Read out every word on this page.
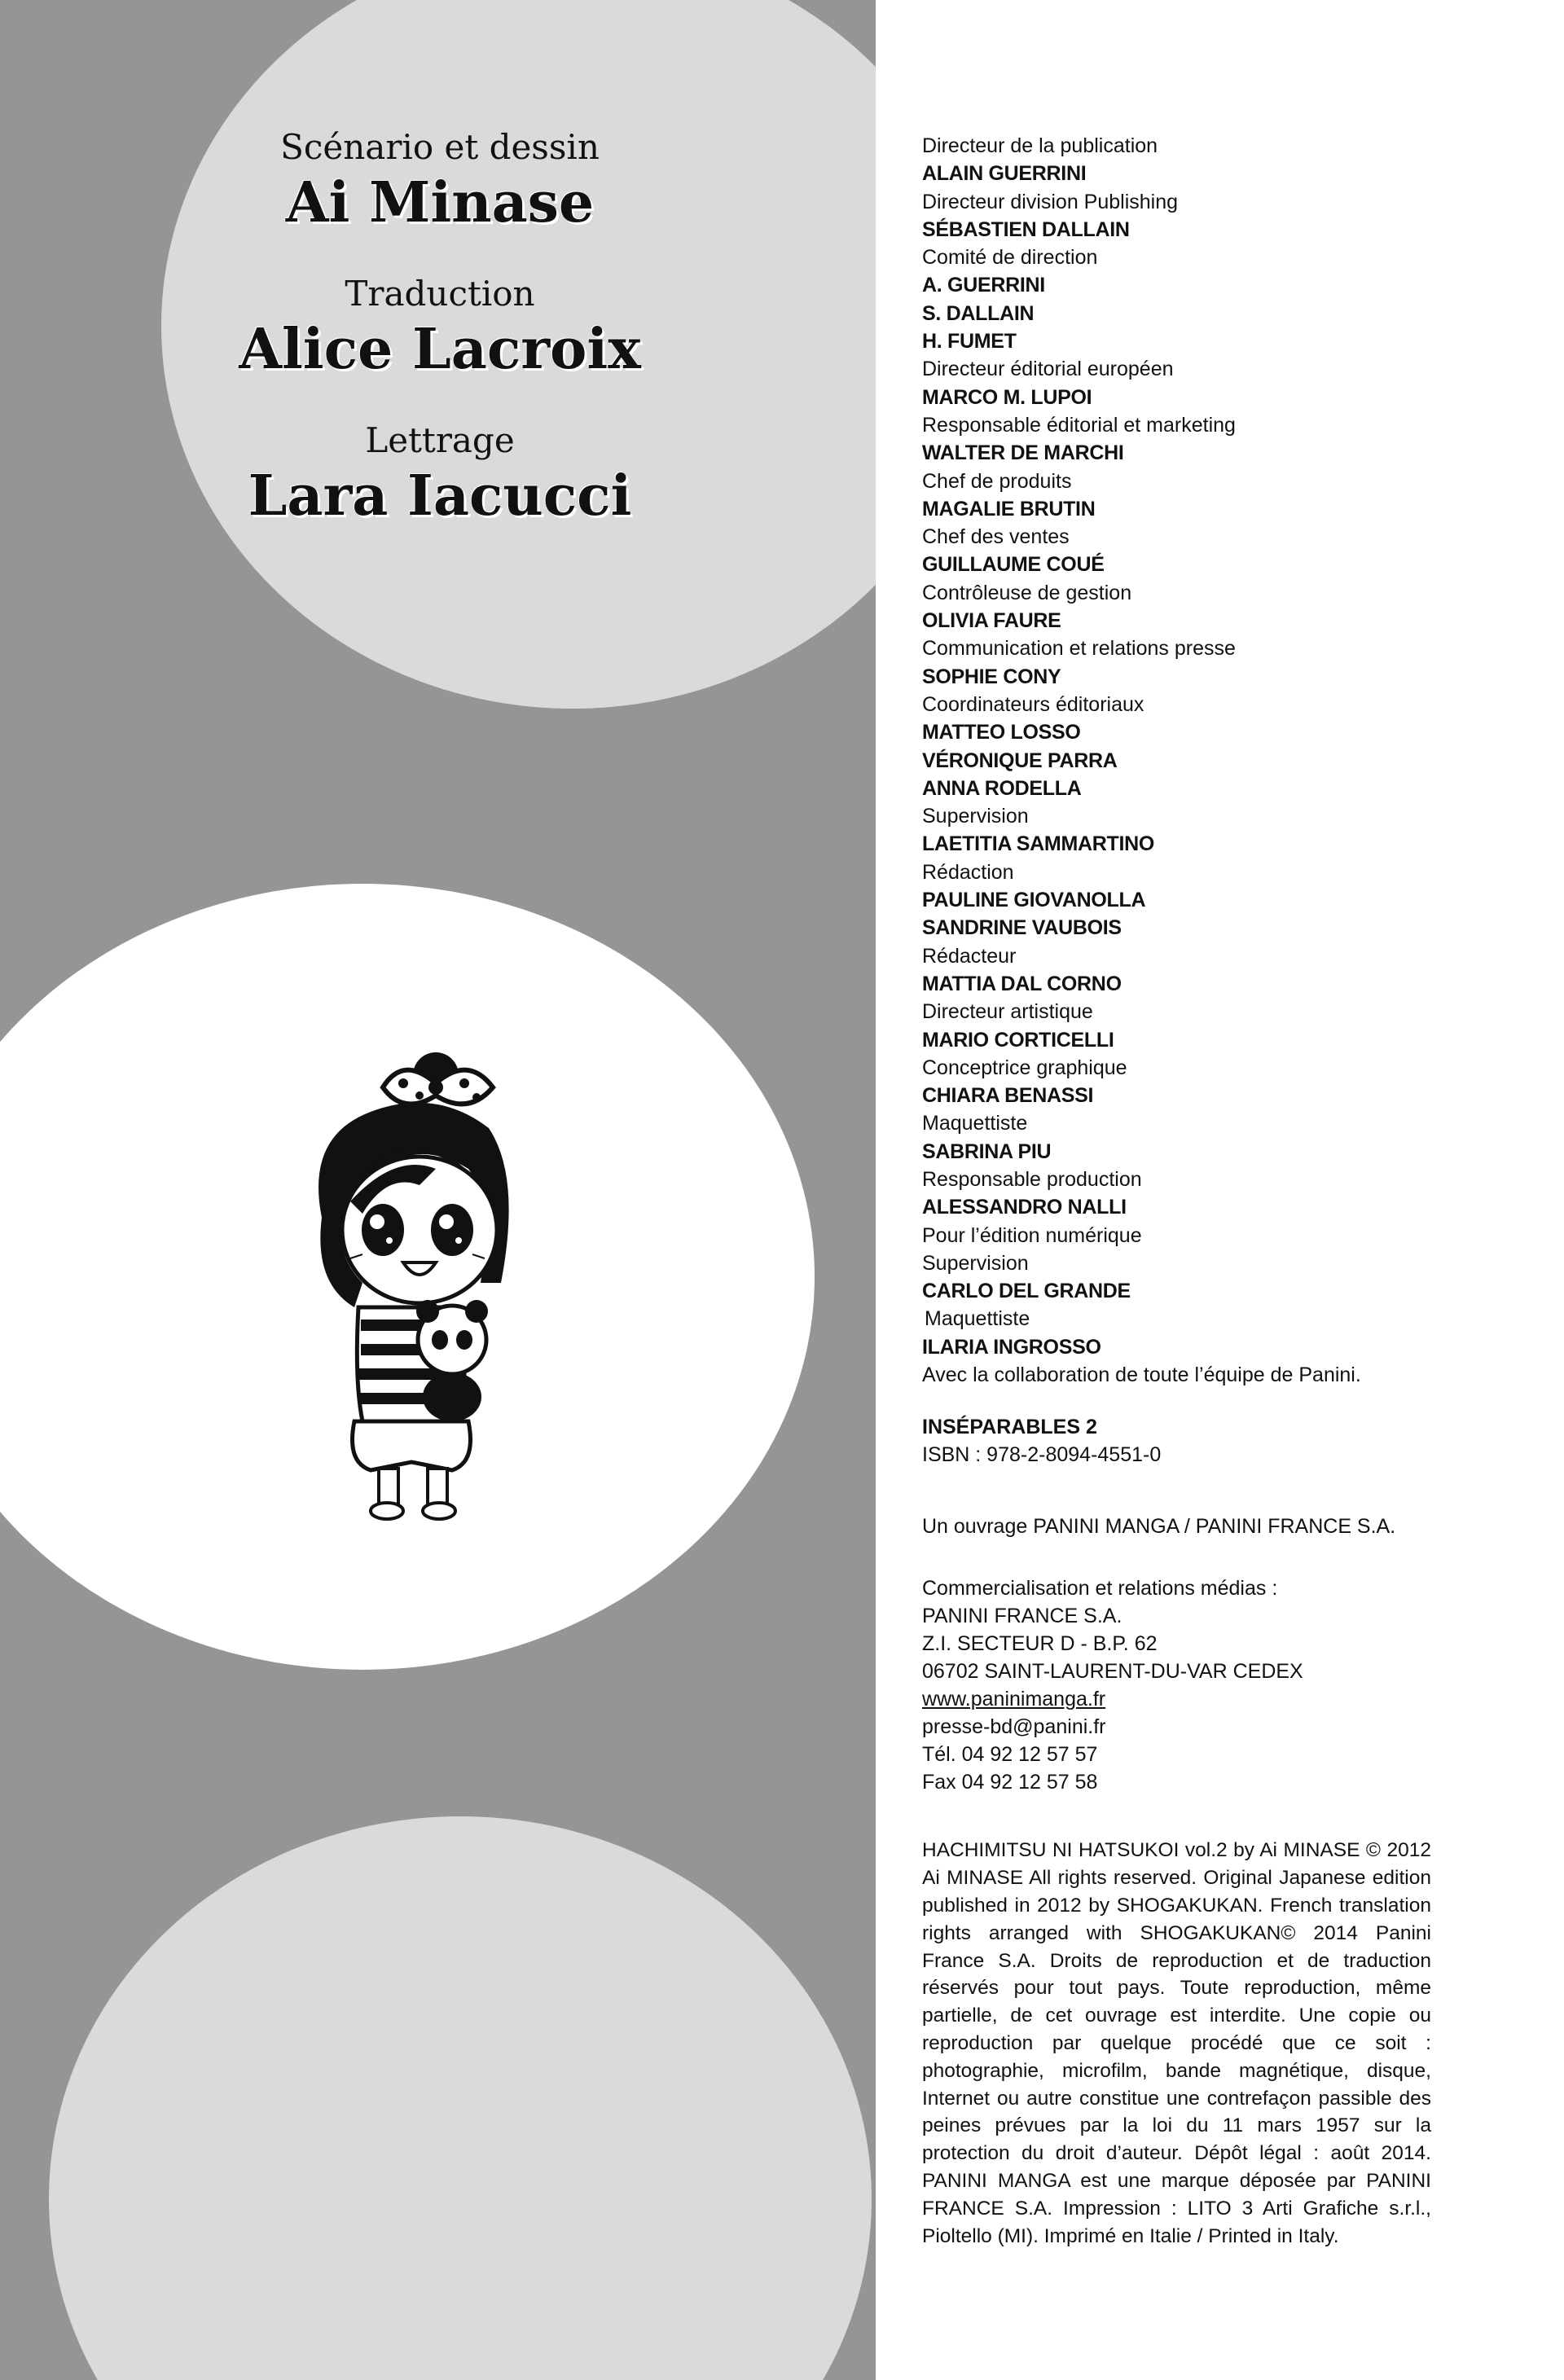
Scénario et dessin

Ai Minase

Traduction

Alice Lacroix

Lettrage

Lara Iacucci

Directeur de la publication
ALAIN GUERRINI
Directeur division Publishing
SÉBASTIEN DALLAIN
Comité de direction
A. GUERRINI
S. DALLAIN
H. FUMET
Directeur éditorial européen
MARCO M. LUPOI
Responsable éditorial et marketing
WALTER DE MARCHI
Chef de produits
MAGALIE BRUTIN
Chef des ventes
GUILLAUME COUÉ
Contrôleuse de gestion
OLIVIA FAURE
Communication et relations presse
SOPHIE CONY
Coordinateurs éditoriaux
MATTEO LOSSO
VÉRONIQUE PARRA
ANNA RODELLA
Supervision
LAETITIA SAMMARTINO
Rédaction
PAULINE GIOVANOLLA
SANDRINE VAUBOIS
Rédacteur
MATTIA DAL CORNO
Directeur artistique
MARIO CORTICELLI
Conceptrice graphique
CHIARA BENASSI
Maquettiste
SABRINA PIU
Responsable production
ALESSANDRO NALLI
Pour l’édition numérique
Supervision
CARLO DEL GRANDE
Maquettiste
ILARIA INGROSSO
Avec la collaboration de toute l’équipe de Panini.
INSÉPARABLES 2
ISBN : 978-2-8094-4551-0
Un ouvrage PANINI MANGA / PANINI FRANCE S.A.
Commercialisation et relations médias :
PANINI FRANCE S.A.
Z.I. SECTEUR D - B.P. 62
06702 SAINT-LAURENT-DU-VAR CEDEX
www.paninimanga.fr
presse-bd@panini.fr
Tél. 04 92 12 57 57
Fax 04 92 12 57 58
HACHIMITSU NI HATSUKOI vol.2 by Ai MINASE © 2012 Ai MINASE All rights reserved. Original Japanese edition published in 2012 by SHOGAKUKAN. French translation rights arranged with SHOGAKUKAN© 2014 Panini France S.A. Droits de reproduction et de traduction réservés pour tout pays. Toute reproduction, même partielle, de cet ouvrage est interdite. Une copie ou reproduction par quelque procédé que ce soit : photographie, microfilm, bande magnétique, disque, Internet ou autre constitue une contrefaçon passible des peines prévues par la loi du 11 mars 1957 sur la protection du droit d’auteur. Dépôt légal : août 2014. PANINI MANGA est une marque déposée par PANINI FRANCE S.A. Impression : LITO 3 Arti Grafiche s.r.l., Pioltello (MI). Imprimé en Italie / Printed in Italy.
